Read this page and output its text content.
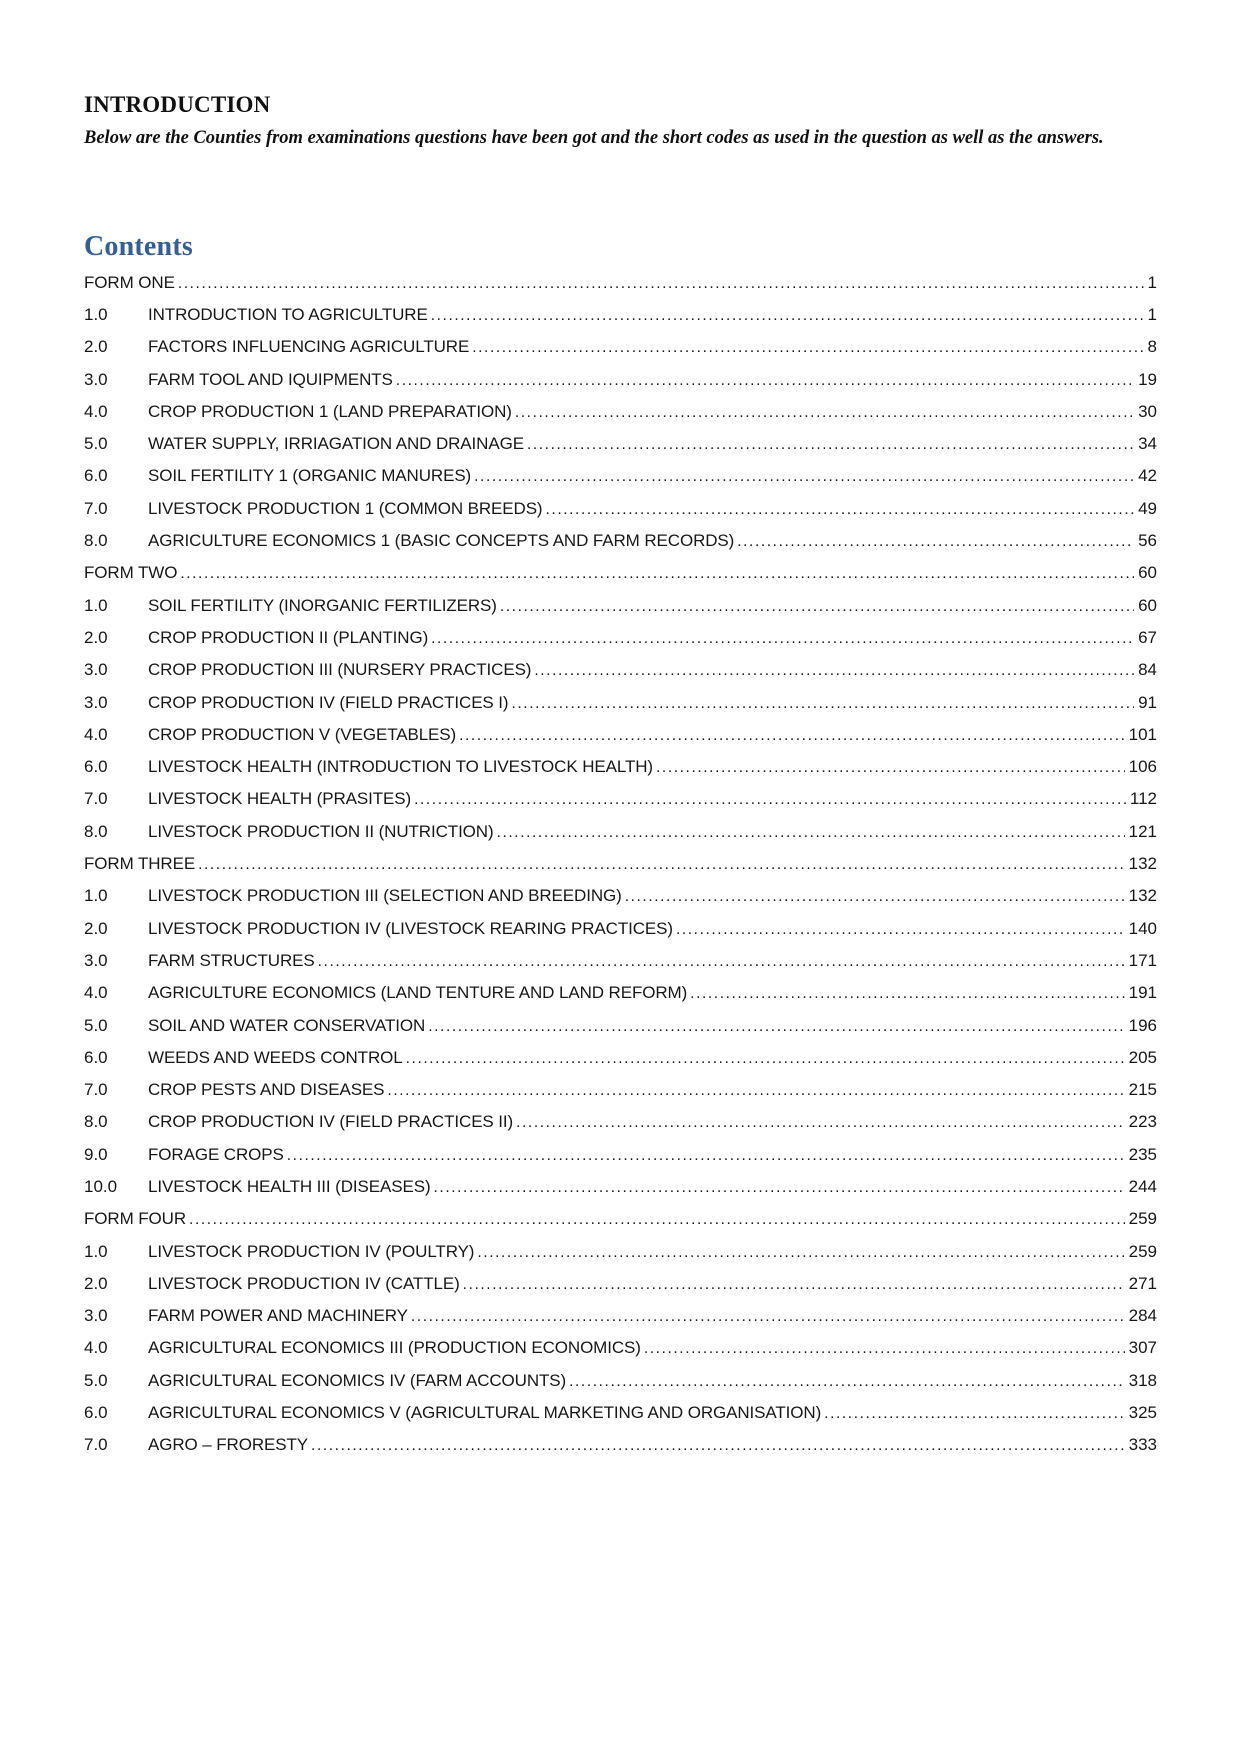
INTRODUCTION

Below are the Counties from examinations questions have been got and the short codes as used in the question as well as the answers.

Contents
FORM ONE .....	1
1.0	INTRODUCTION TO AGRICULTURE .....	1
2.0	FACTORS INFLUENCING AGRICULTURE .....	8
3.0	FARM TOOL AND IQUIPMENTS .....	19
4.0	CROP PRODUCTION 1 (LAND PREPARATION) .....	30
5.0	WATER SUPPLY, IRRIAGATION AND DRAINAGE .....	34
6.0	SOIL FERTILITY 1 (ORGANIC MANURES) .....	42
7.0	LIVESTOCK PRODUCTION 1 (COMMON BREEDS) .....	49
8.0	AGRICULTURE ECONOMICS 1 (BASIC CONCEPTS AND FARM RECORDS) .....	56
FORM TWO .....	60
1.0	SOIL FERTILITY (INORGANIC FERTILIZERS) .....	60
2.0	CROP PRODUCTION II (PLANTING) .....	67
3.0	CROP PRODUCTION III (NURSERY PRACTICES) .....	84
3.0	CROP PRODUCTION IV (FIELD PRACTICES I) .....	91
4.0	CROP PRODUCTION V (VEGETABLES) .....	101
6.0	LIVESTOCK HEALTH (INTRODUCTION TO LIVESTOCK HEALTH) .....	106
7.0	LIVESTOCK HEALTH (PRASITES) .....	112
8.0	LIVESTOCK PRODUCTION II (NUTRICTION) .....	121
FORM THREE .....	132
1.0	LIVESTOCK PRODUCTION III (SELECTION AND BREEDING) .....	132
2.0	LIVESTOCK PRODUCTION IV (LIVESTOCK REARING PRACTICES) .....	140
3.0	FARM STRUCTURES .....	171
4.0	AGRICULTURE ECONOMICS (LAND TENTURE AND LAND REFORM) .....	191
5.0	SOIL AND WATER CONSERVATION .....	196
6.0	WEEDS AND WEEDS CONTROL .....	205
7.0	CROP PESTS AND DISEASES .....	215
8.0	CROP PRODUCTION IV (FIELD PRACTICES II) .....	223
9.0	FORAGE CROPS .....	235
10.0	LIVESTOCK HEALTH III (DISEASES) .....	244
FORM FOUR .....	259
1.0	LIVESTOCK PRODUCTION IV (POULTRY) .....	259
2.0	LIVESTOCK PRODUCTION IV (CATTLE) .....	271
3.0	FARM POWER AND MACHINERY .....	284
4.0	AGRICULTURAL ECONOMICS III (PRODUCTION ECONOMICS) .....	307
5.0	AGRICULTURAL ECONOMICS IV (FARM ACCOUNTS) .....	318
6.0	AGRICULTURAL ECONOMICS V (AGRICULTURAL MARKETING AND ORGANISATION) .....	325
7.0	AGRO – FRORESTY .....	333
